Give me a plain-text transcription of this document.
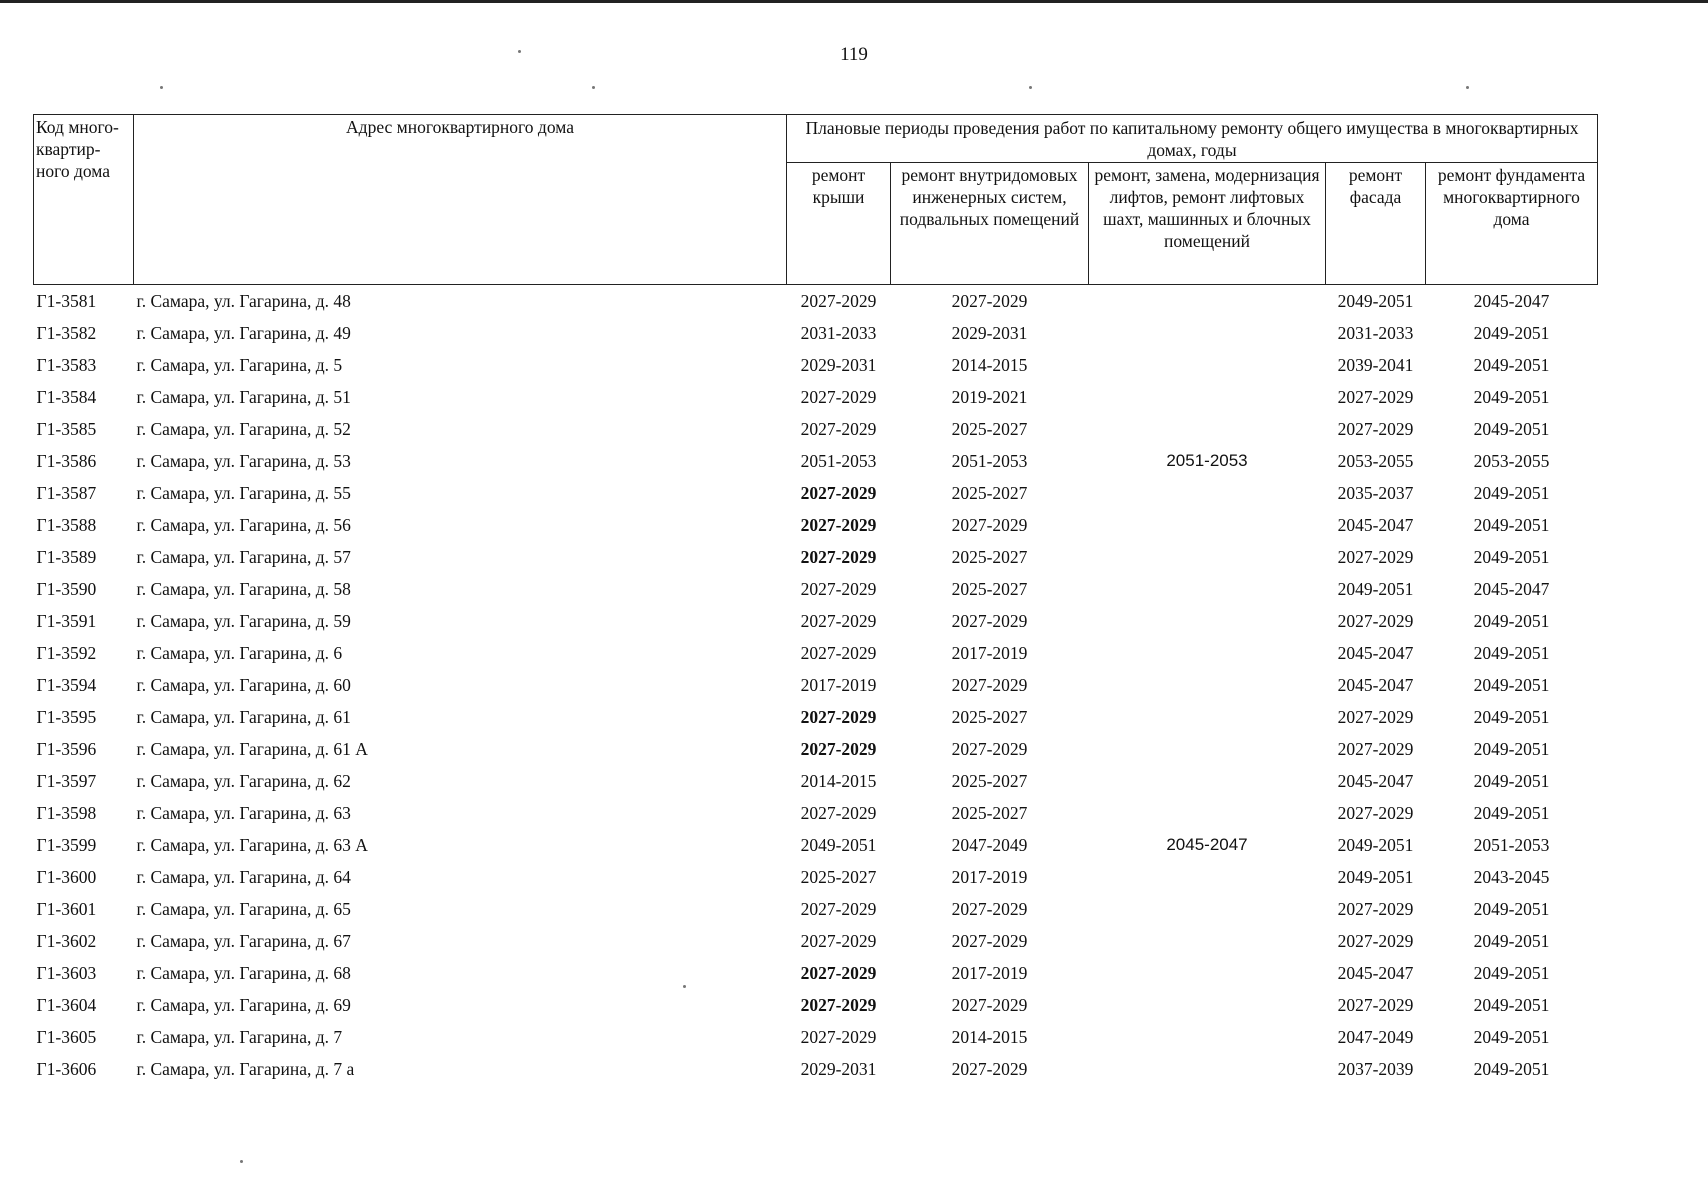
119
Код много-квартир-ного дома	Адрес многоквартирного дома	Плановые периоды проведения работ по капитальному ремонту общего имущества в многоквартирных домах, годы				
		ремонт крыши	ремонт внутридомовых инженерных систем, подвальных помещений	ремонт, замена, модернизация лифтов, ремонт лифтовых шахт, машинных и блочных помещений	ремонт фасада	ремонт фундамента многоквартирного дома
Г1-3581	г. Самара, ул. Гагарина, д. 48	2027-2029	2027-2029		2049-2051	2045-2047
Г1-3582	г. Самара, ул. Гагарина, д. 49	2031-2033	2029-2031		2031-2033	2049-2051
Г1-3583	г. Самара, ул. Гагарина, д. 5	2029-2031	2014-2015		2039-2041	2049-2051
Г1-3584	г. Самара, ул. Гагарина, д. 51	2027-2029	2019-2021		2027-2029	2049-2051
Г1-3585	г. Самара, ул. Гагарина, д. 52	2027-2029	2025-2027		2027-2029	2049-2051
Г1-3586	г. Самара, ул. Гагарина, д. 53	2051-2053	2051-2053	2051-2053	2053-2055	2053-2055
Г1-3587	г. Самара, ул. Гагарина, д. 55	2027-2029	2025-2027		2035-2037	2049-2051
Г1-3588	г. Самара, ул. Гагарина, д. 56	2027-2029	2027-2029		2045-2047	2049-2051
Г1-3589	г. Самара, ул. Гагарина, д. 57	2027-2029	2025-2027		2027-2029	2049-2051
Г1-3590	г. Самара, ул. Гагарина, д. 58	2027-2029	2025-2027		2049-2051	2045-2047
Г1-3591	г. Самара, ул. Гагарина, д. 59	2027-2029	2027-2029		2027-2029	2049-2051
Г1-3592	г. Самара, ул. Гагарина, д. 6	2027-2029	2017-2019		2045-2047	2049-2051
Г1-3594	г. Самара, ул. Гагарина, д. 60	2017-2019	2027-2029		2045-2047	2049-2051
Г1-3595	г. Самара, ул. Гагарина, д. 61	2027-2029	2025-2027		2027-2029	2049-2051
Г1-3596	г. Самара, ул. Гагарина, д. 61 А	2027-2029	2027-2029		2027-2029	2049-2051
Г1-3597	г. Самара, ул. Гагарина, д. 62	2014-2015	2025-2027		2045-2047	2049-2051
Г1-3598	г. Самара, ул. Гагарина, д. 63	2027-2029	2025-2027		2027-2029	2049-2051
Г1-3599	г. Самара, ул. Гагарина, д. 63 А	2049-2051	2047-2049	2045-2047	2049-2051	2051-2053
Г1-3600	г. Самара, ул. Гагарина, д. 64	2025-2027	2017-2019		2049-2051	2043-2045
Г1-3601	г. Самара, ул. Гагарина, д. 65	2027-2029	2027-2029		2027-2029	2049-2051
Г1-3602	г. Самара, ул. Гагарина, д. 67	2027-2029	2027-2029		2027-2029	2049-2051
Г1-3603	г. Самара, ул. Гагарина, д. 68	2027-2029	2017-2019		2045-2047	2049-2051
Г1-3604	г. Самара, ул. Гагарина, д. 69	2027-2029	2027-2029		2027-2029	2049-2051
Г1-3605	г. Самара, ул. Гагарина, д. 7	2027-2029	2014-2015		2047-2049	2049-2051
Г1-3606	г. Самара, ул. Гагарина, д. 7 а	2029-2031	2027-2029		2037-2039	2049-2051
